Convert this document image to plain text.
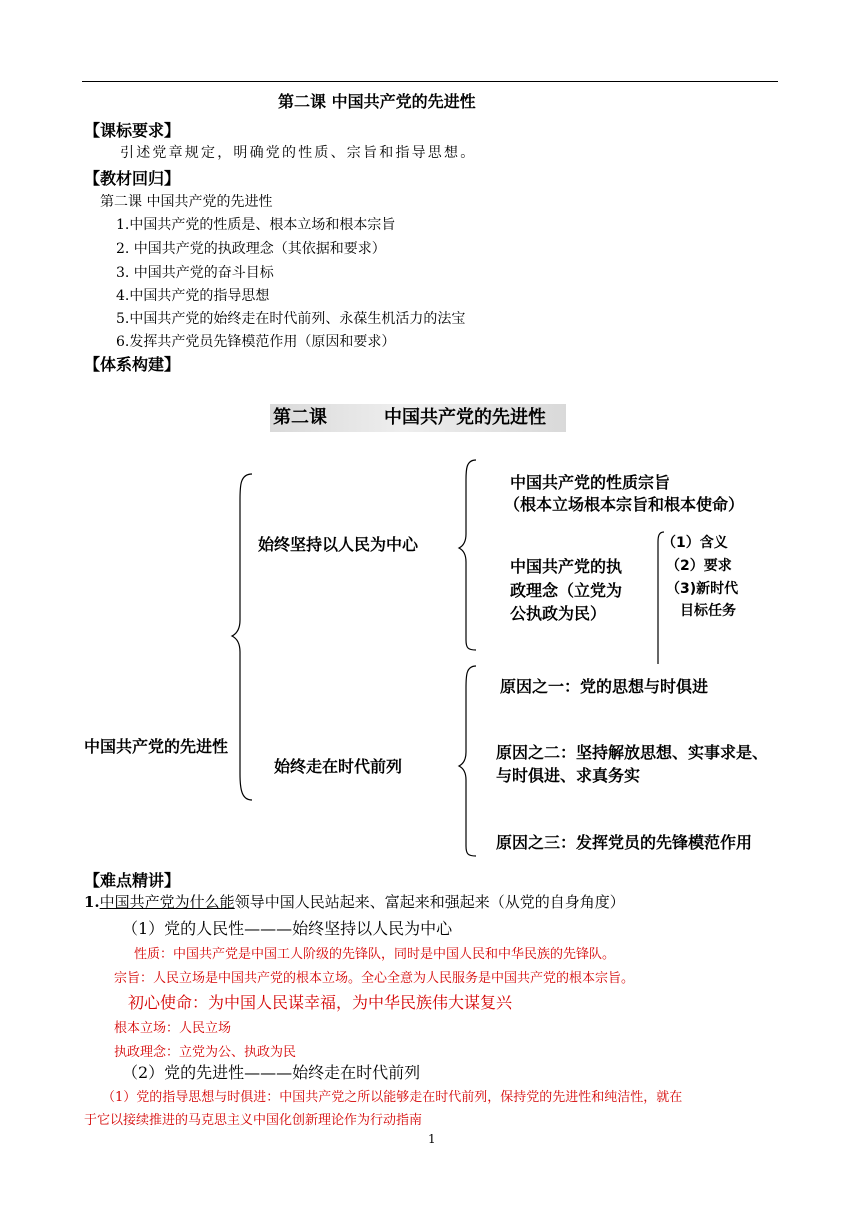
第二课 中国共产党的先进性
【课标要求】
引述党章规定，明确党的性质、宗旨和指导思想。
【教材回归】
第二课 中国共产党的先进性
1.中国共产党的性质是、根本立场和根本宗旨
2. 中国共产党的执政理念（其依据和要求）
3. 中国共产党的奋斗目标
4.中国共产党的指导思想
5.中国共产党的始终走在时代前列、永葆生机活力的法宝
6.发挥共产党员先锋模范作用（原因和要求）
【体系构建】
第二课	中国共产党的先进性
中国共产党的先进性
始终坚持以人民为中心
始终走在时代前列
中国共产党的性质宗旨
（根本立场根本宗旨和根本使命）
中国共产党的执
政理念（立党为
公执政为民）
（1）含义
（2）要求
（3)新时代
目标任务
原因之一：党的思想与时俱进
原因之二：坚持解放思想、实事求是、
与时俱进、求真务实
原因之三：发挥党员的先锋模范作用
【难点精讲】
1.中国共产党为什么能领导中国人民站起来、富起来和强起来（从党的自身角度）
（1）党的人民性———始终坚持以人民为中心
性质：中国共产党是中国工人阶级的先锋队，同时是中国人民和中华民族的先锋队。
宗旨：人民立场是中国共产党的根本立场。全心全意为人民服务是中国共产党的根本宗旨。
初心使命：为中国人民谋幸福，为中华民族伟大谋复兴
根本立场：人民立场
执政理念：立党为公、执政为民
（2）党的先进性———始终走在时代前列
（1）党的指导思想与时俱进：中国共产党之所以能够走在时代前列，保持党的先进性和纯洁性，就在
于它以接续推进的马克思主义中国化创新理论作为行动指南
1
